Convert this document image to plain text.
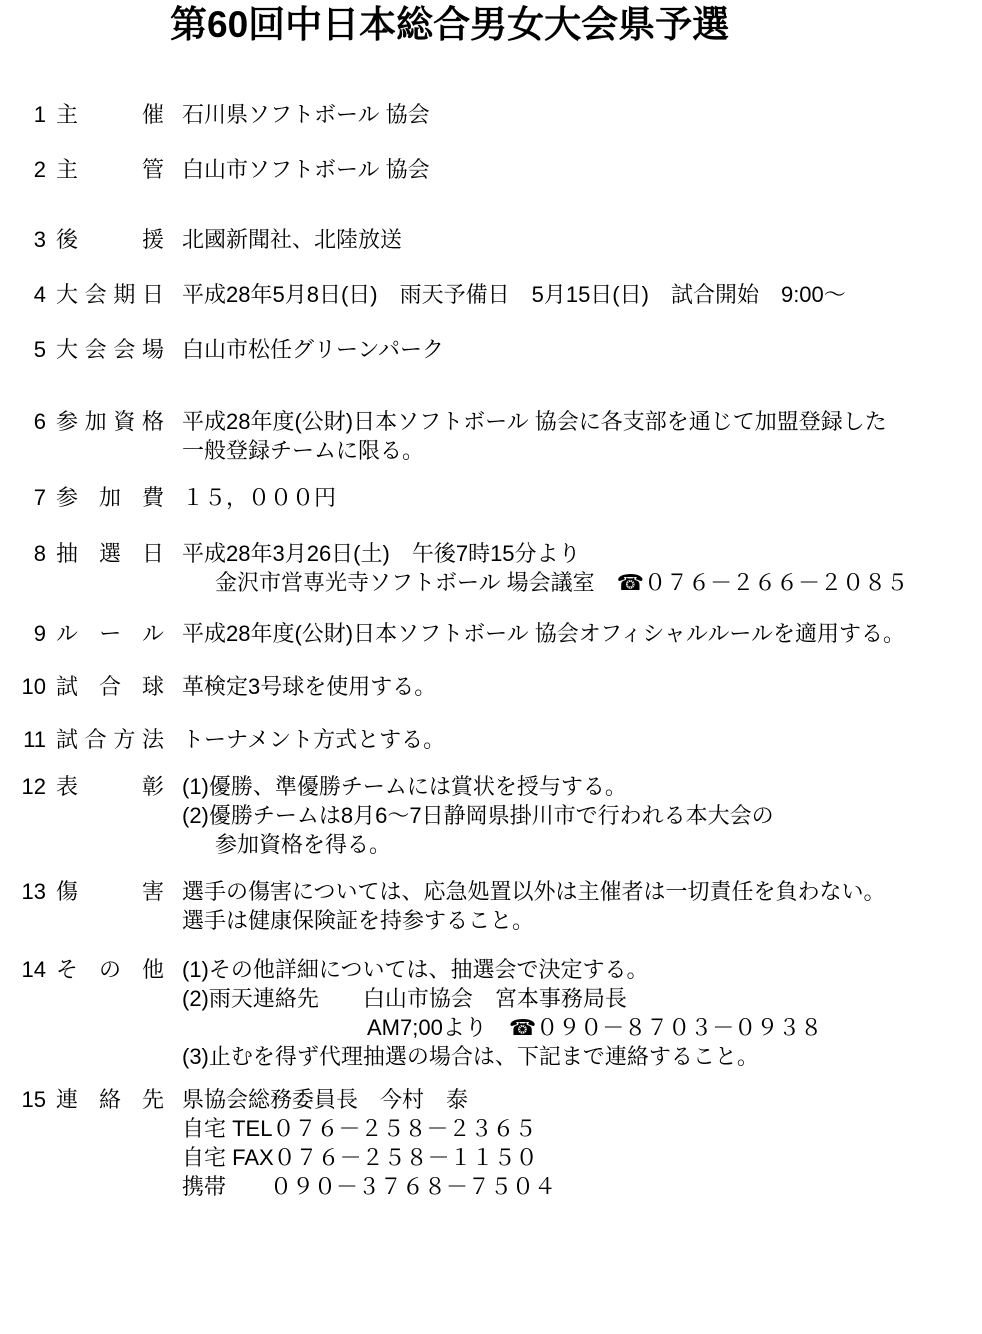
第60回中日本総合男女大会県予選
1 主催 石川県ソフトボール 協会
2 主管 白山市ソフトボール 協会
3 後援 北國新聞社、北陸放送
4 大会期日 平成28年5月8日(日)　雨天予備日　5月15日(日)　試合開始　9:00～
5 大会会場 白山市松任グリーンパーク
6 参加資格 平成28年度(公財)日本ソフトボール 協会に各支部を通じて加盟登録した
一般登録チームに限る。
7 参加費 １５，０００円
8 抽選日 平成28年3月26日(土)　午後7時15分より
金沢市営専光寺ソフトボール 場会議室　☎０７６－２６６－２０８５
9 ルール 平成28年度(公財)日本ソフトボール 協会オフィシャルルールを適用する。
10 試合球 革検定3号球を使用する。
11 試合方法 トーナメント方式とする。
12 表彰 (1)優勝、準優勝チームには賞状を授与する。
(2)優勝チームは8月6～7日静岡県掛川市で行われる本大会の
参加資格を得る。
13 傷害 選手の傷害については、応急処置以外は主催者は一切責任を負わない。
選手は健康保険証を持参すること。
14 その他 (1)その他詳細については、抽選会で決定する。
(2)雨天連絡先　　白山市協会　宮本事務局長
AM7;00より　☎０９０－８７０３－０９３８
(3)止むを得ず代理抽選の場合は、下記まで連絡すること。
15 連絡先 県協会総務委員長　今村　泰
自宅 TEL０７６－２５８－２３６５
自宅 FAX０７６－２５８－１１５０
携帯　　０９０－３７６８－７５０４
